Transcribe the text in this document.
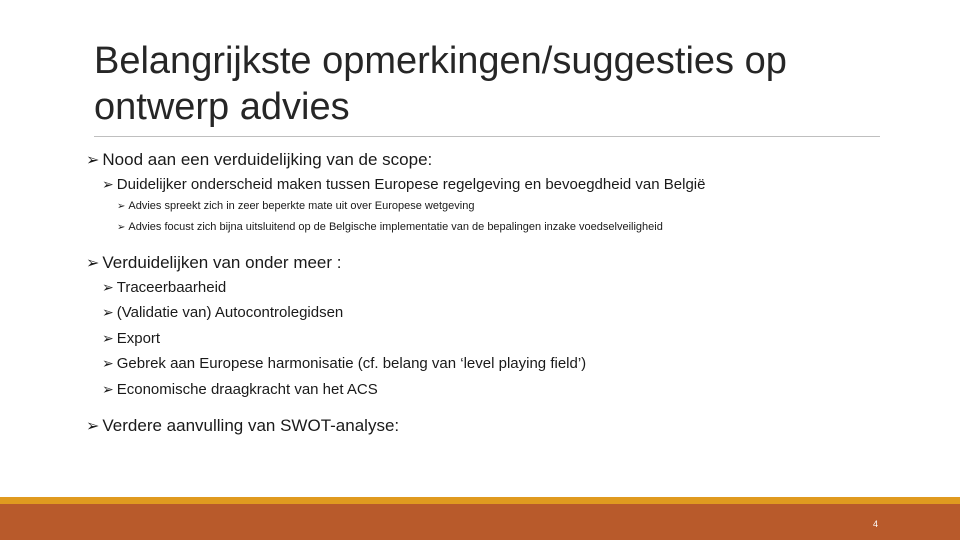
Belangrijkste opmerkingen/suggesties op
ontwerp advies
➢ Nood aan een verduidelijking van de scope:
➢ Duidelijker onderscheid maken tussen Europese regelgeving en bevoegdheid van België
➢ Advies spreekt zich in zeer beperkte mate uit over Europese wetgeving
➢ Advies focust zich bijna uitsluitend op de Belgische implementatie van de bepalingen inzake voedselveiligheid
➢ Verduidelijken van onder meer :
➢ Traceerbaarheid
➢ (Validatie van) Autocontrolegidsen
➢ Export
➢ Gebrek aan Europese harmonisatie (cf. belang van ‘level playing field’)
➢ Economische draagkracht van het ACS
➢ Verdere aanvulling van SWOT-analyse:
4
